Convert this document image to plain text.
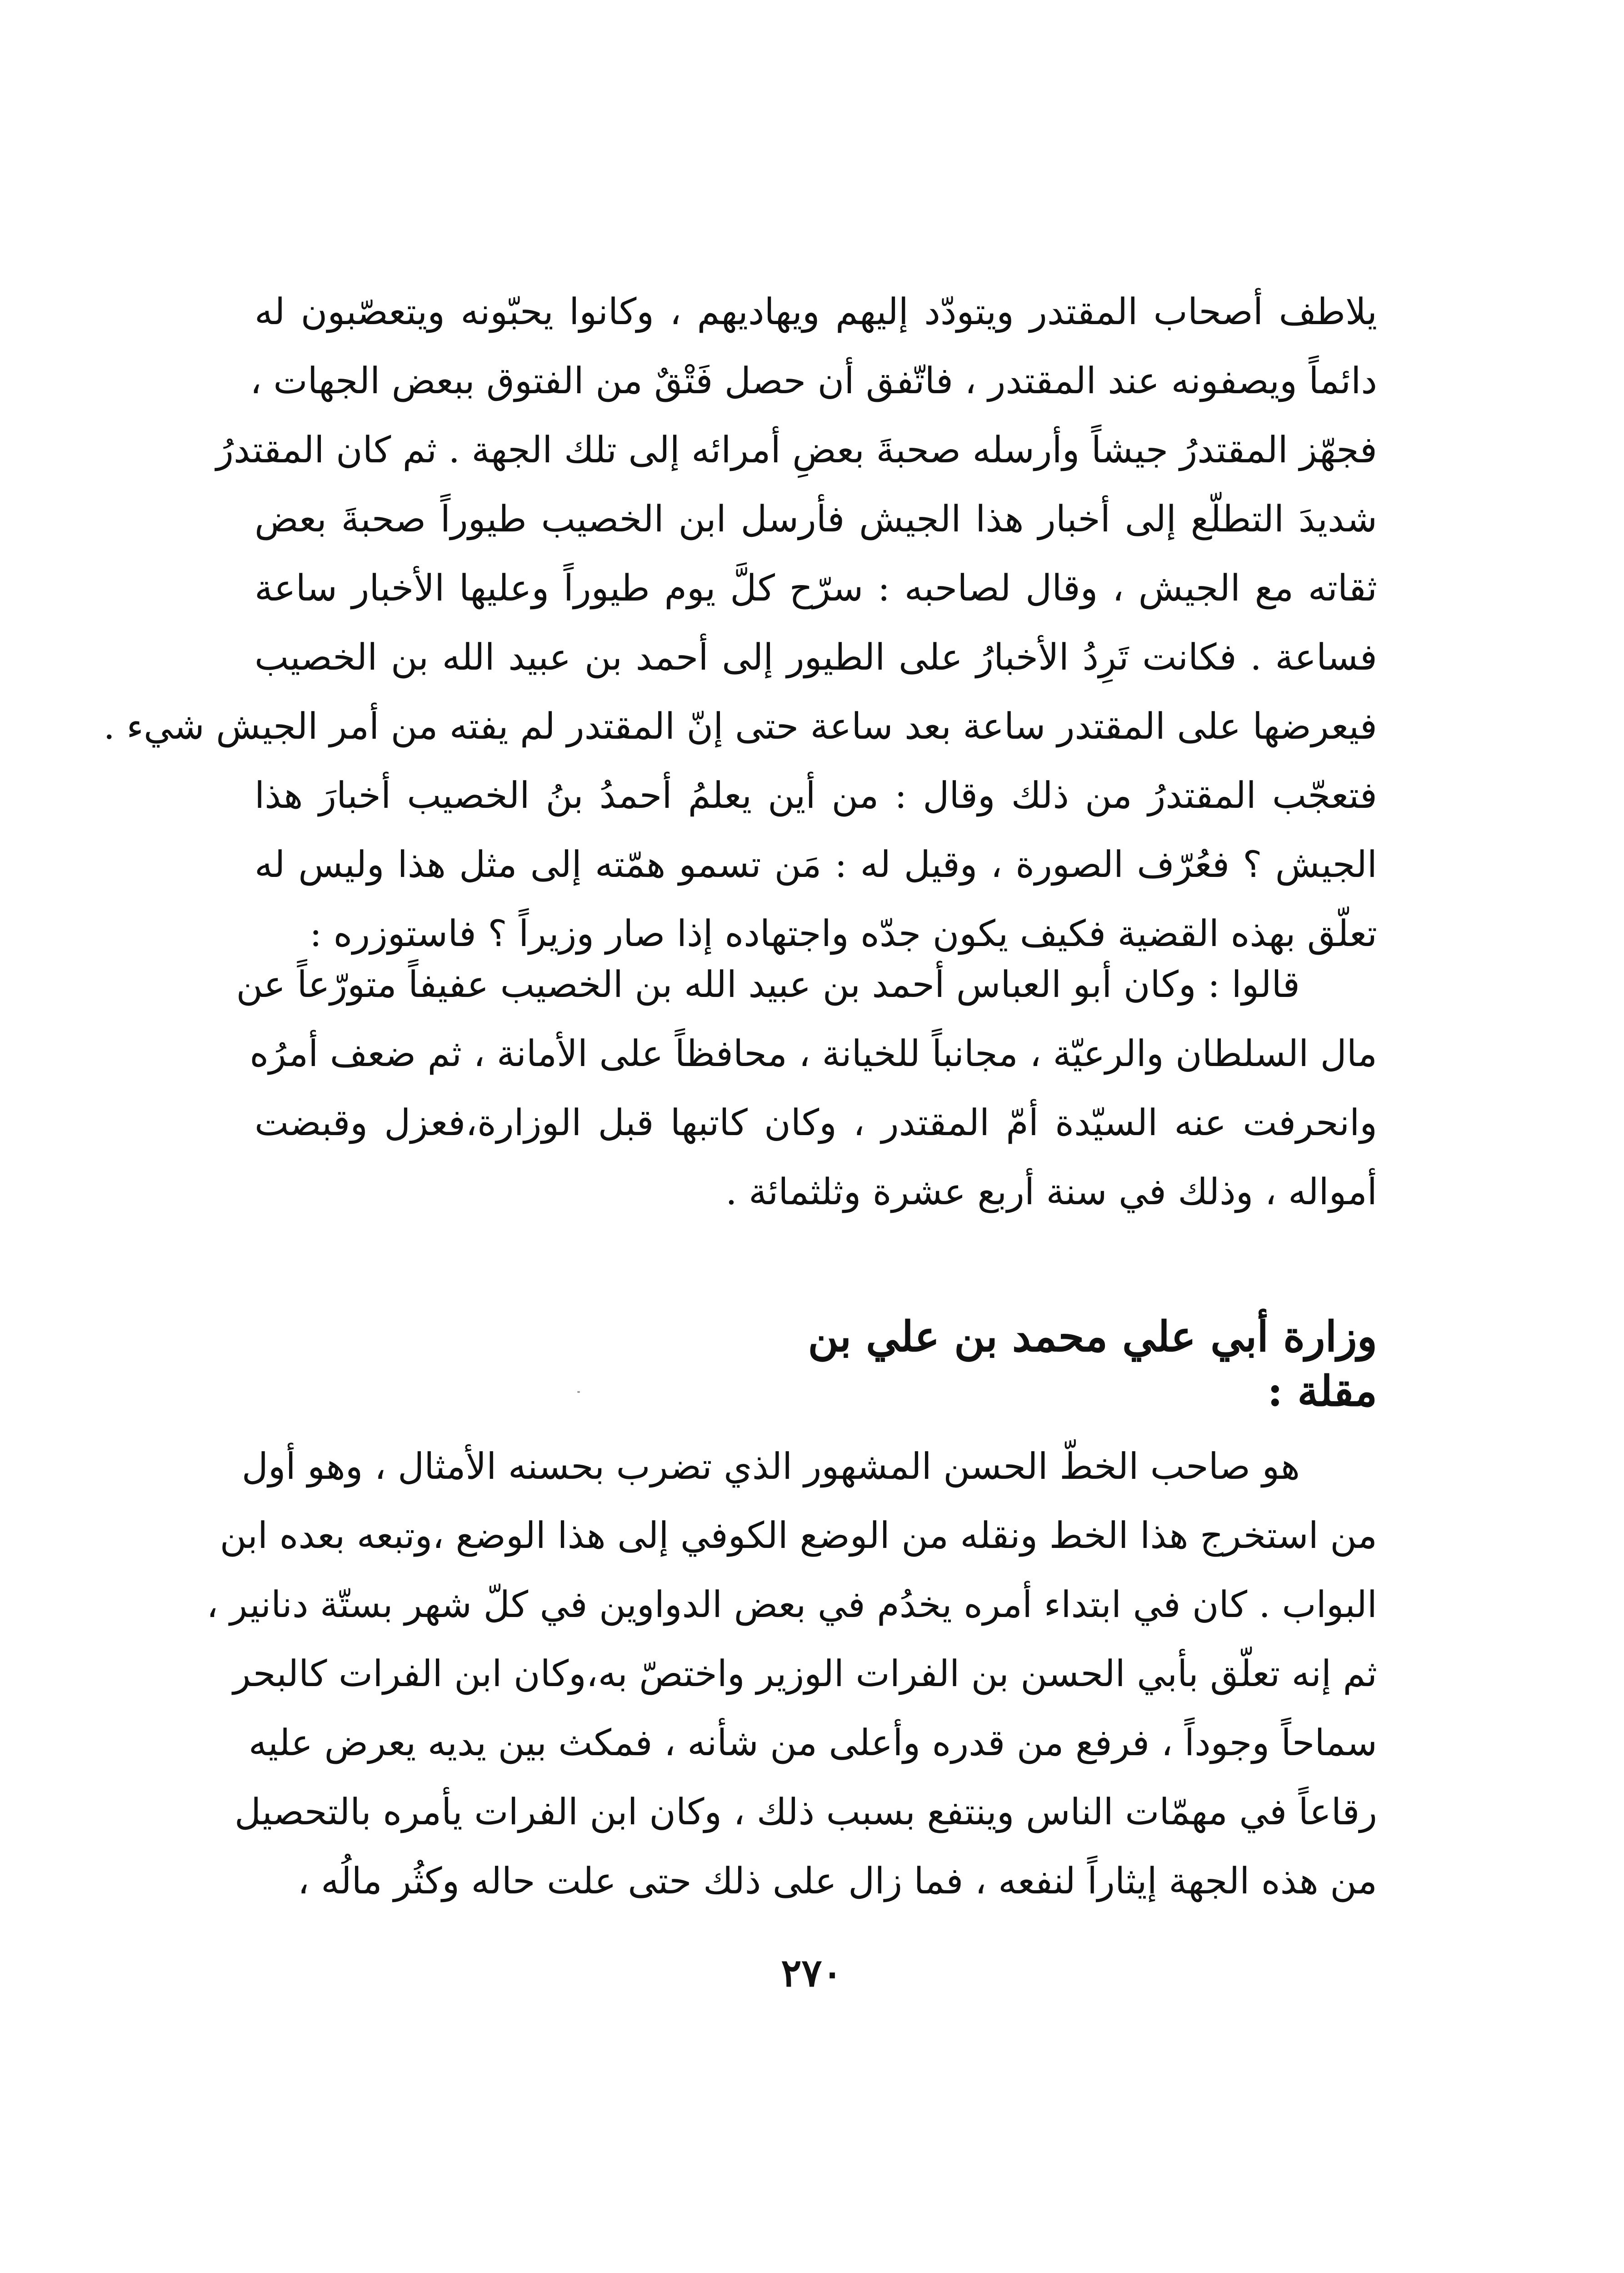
يلاطف أصحاب المقتدر ويتودّد إليهم ويهاديهم ، وكانوا يحبّونه ويتعصّبون له
دائماً ويصفونه عند المقتدر ، فاتّفق أن حصل فَتْقٌ من الفتوق ببعض الجهات ،
فجهّز المقتدرُ جيشاً وأرسله صحبةَ بعضِ أمرائه إلى تلك الجهة . ثم كان المقتدرُ
شديدَ التطلّع إلى أخبار هذا الجيش فأرسل ابن الخصيب طيوراً صحبةَ بعض
ثقاته مع الجيش ، وقال لصاحبه : سرّح كلَّ يوم طيوراً وعليها الأخبار ساعة
فساعة . فكانت تَرِدُ الأخبارُ على الطيور إلى أحمد بن عبيد الله بن الخصيب
فيعرضها على المقتدر ساعة بعد ساعة حتى إنّ المقتدر لم يفته من أمر الجيش شيء .
فتعجّب المقتدرُ من ذلك وقال : من أين يعلمُ أحمدُ بنُ الخصيب أخبارَ هذا
الجيش ؟ فعُرّف الصورة ، وقيل له : مَن تسمو همّته إلى مثل هذا وليس له
تعلّق بهذه القضية فكيف يكون جدّه واجتهاده إذا صار وزيراً ؟ فاستوزره :
قالوا : وكان أبو العباس أحمد بن عبيد الله بن الخصيب عفيفاً متورّعاً عن
مال السلطان والرعيّة ، مجانباً للخيانة ، محافظاً على الأمانة ، ثم ضعف أمرُه
وانحرفت عنه السيّدة أمّ المقتدر ، وكان كاتبها قبل الوزارة،فعزل وقبضت
أمواله ، وذلك في سنة أربع عشرة وثلثمائة .
وزارة أبي علي محمد بن علي بن مقلة :
هو صاحب الخطّ الحسن المشهور الذي تضرب بحسنه الأمثال ، وهو أول
من استخرج هذا الخط ونقله من الوضع الكوفي إلى هذا الوضع ،وتبعه بعده ابن
البواب . كان في ابتداء أمره يخدُم في بعض الدواوين في كلّ شهر بستّة دنانير ،
ثم إنه تعلّق بأبي الحسن بن الفرات الوزير واختصّ به،وكان ابن الفرات كالبحر
سماحاً وجوداً ، فرفع من قدره وأعلى من شأنه ، فمكث بين يديه يعرض عليه
رقاعاً في مهمّات الناس وينتفع بسبب ذلك ، وكان ابن الفرات يأمره بالتحصيل
من هذه الجهة إيثاراً لنفعه ، فما زال على ذلك حتى علت حاله وكثُر مالُه ،
٢٧٠
